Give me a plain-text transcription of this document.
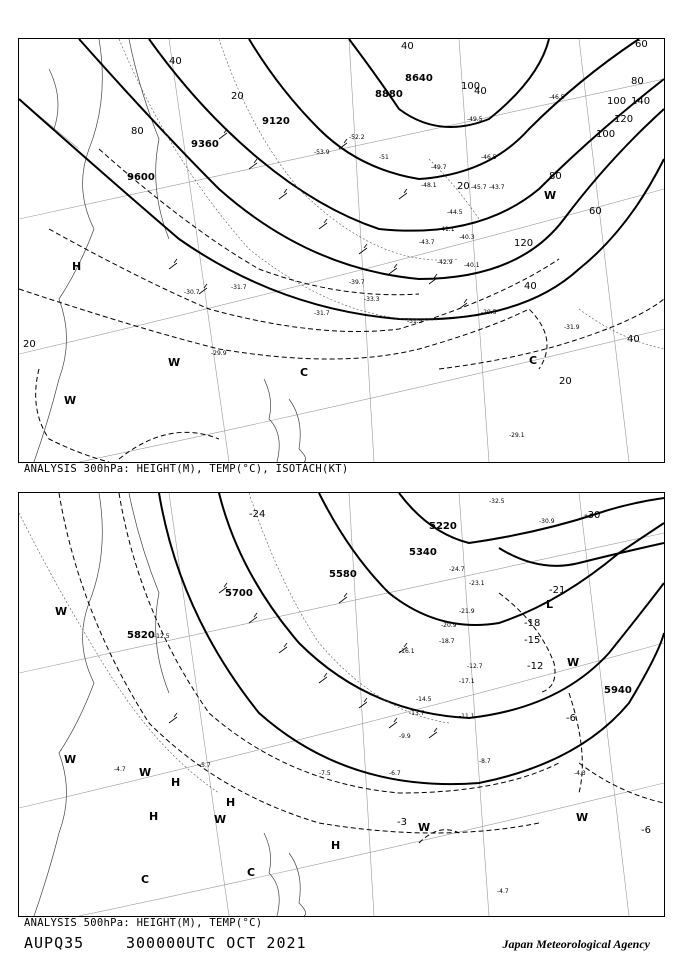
8640
8880
9120
9360
9600
40	60
80
100
120
140
100
80
60
40
20
40
80
100
120
40
20
40
20
20
-51
-49.7
-48.1
-46.5
-45.7 -43.7
-44.5
-43.7
-42.9
-40.3
-40.1
-41.1
-39.7
-33.3
-31.5
-31.7	-29.5
-29.9
-30.7
-31.7
-29.1
-31.9
-52.2
-53.9
-49.5
-46.5
H
W
C
W
C
W
ANALYSIS 300hPa: HEIGHT(M), TEMP(°C), ISOTACH(KT)
5220
5340
5580
5700
5820
5940
-30
-24
-21
-18
-15
-12
-6
-3
-6
-32.5
-30.9
-24.7
-23.1
-21.9
-20.9
-18.7
-17.1
-16.1
-14.5
-13.7
-12.7
-11.1
-9.9
-8.7
-7.5	-6.7
-5.7
-4.7
-4.3
-12.5
-4.7
W
H
W
W
H
W
W
H
C
C
H
L
W
W
ANALYSIS 500hPa: HEIGHT(M), TEMP(°C)
AUPQ35	300000UTC OCT 2021	Japan Meteorological Agency
